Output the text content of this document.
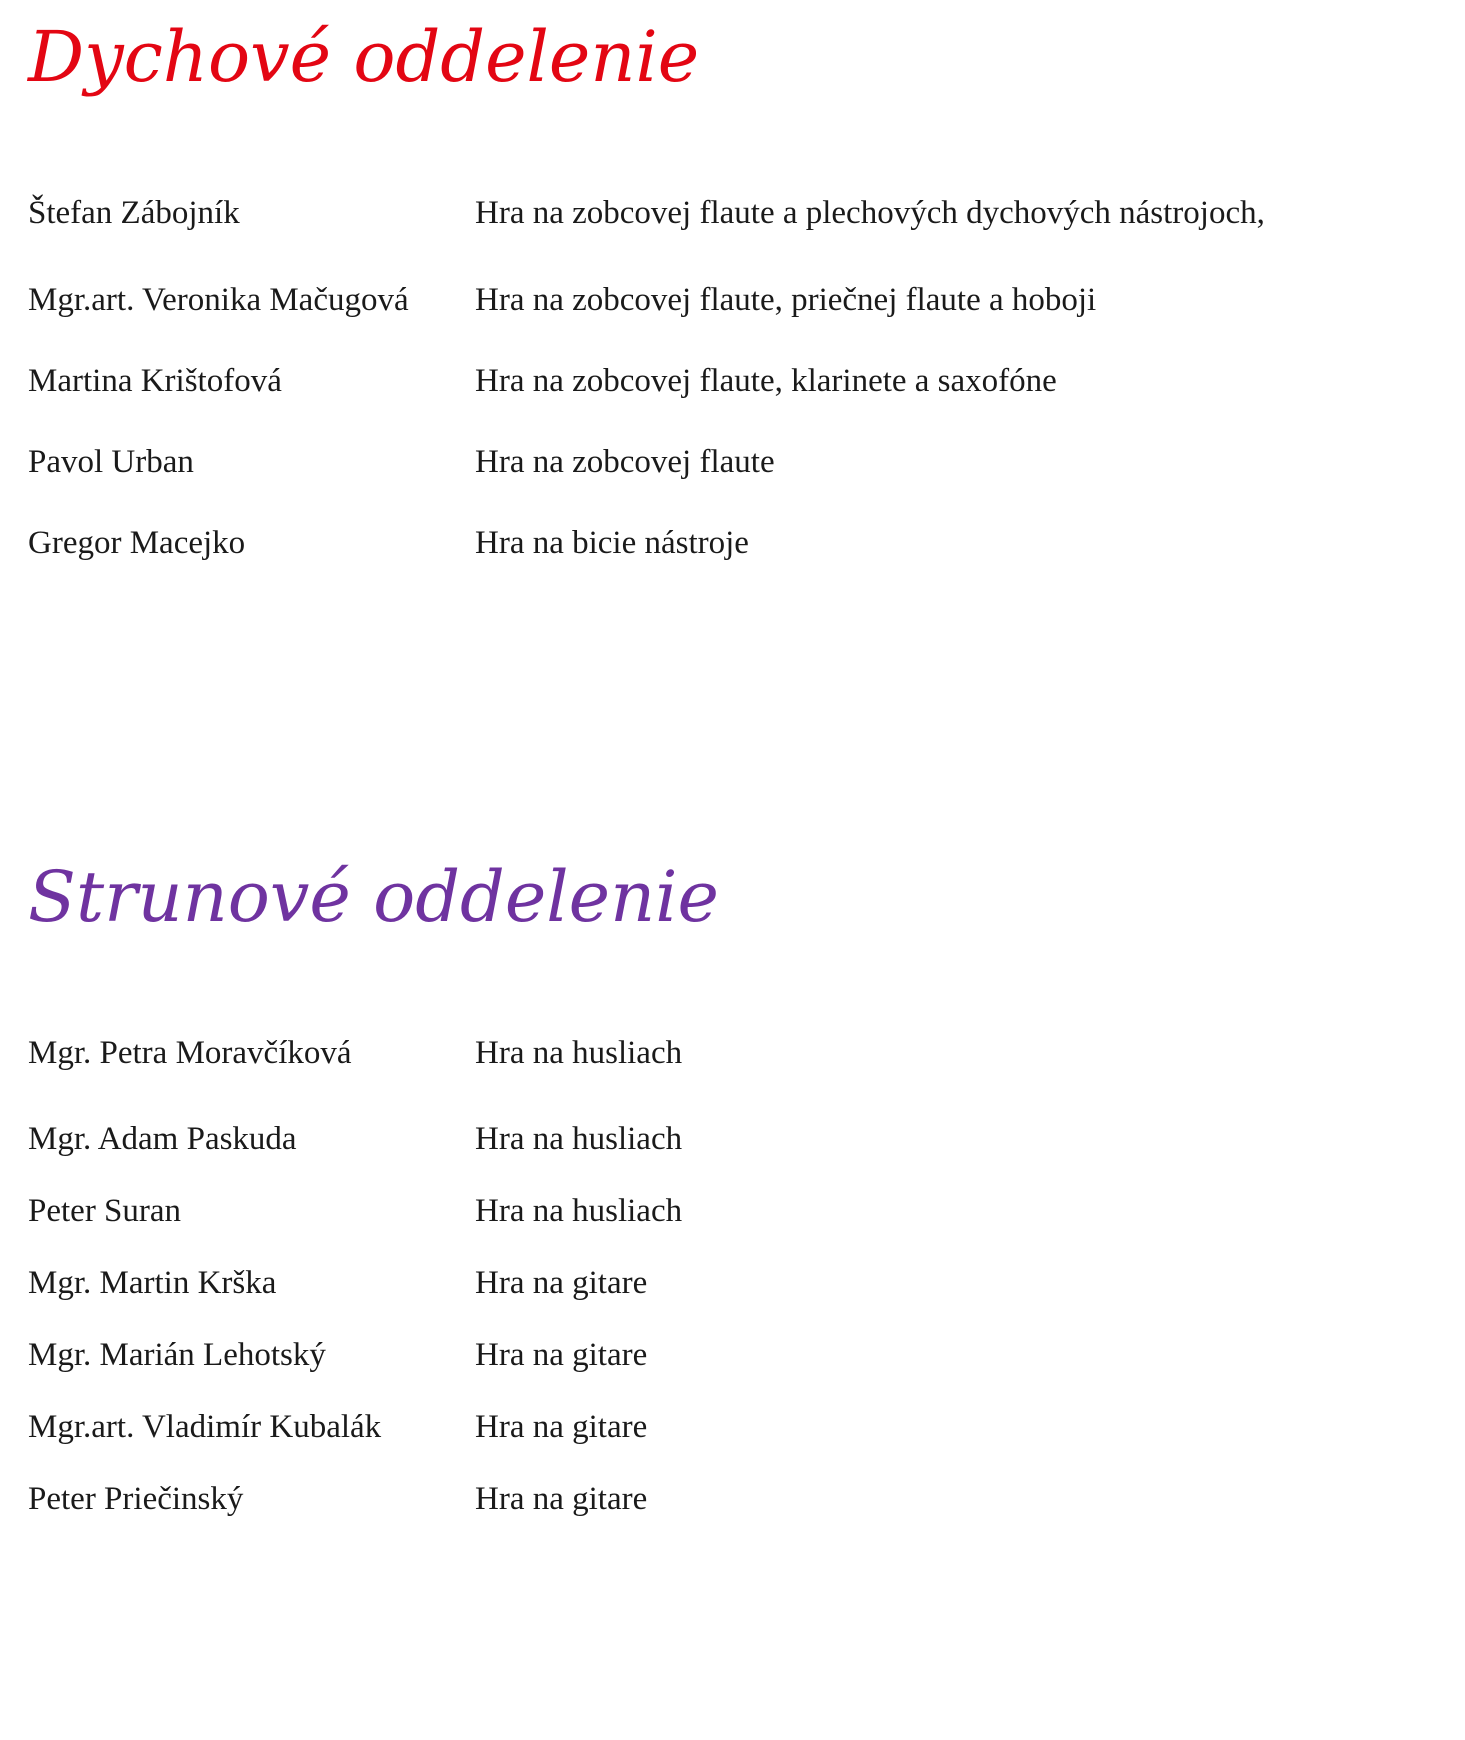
Dychové oddelenie
Štefan Zábojník	Hra na zobcovej flaute a plechových dychových nástrojoch,
Mgr.art. Veronika Mačugová Hra na zobcovej flaute, priečnej flaute a hoboji
Martina Krištofová	Hra na zobcovej flaute, klarinete a saxofóne
Pavol Urban	Hra na zobcovej flaute
Gregor Macejko	Hra na bicie nástroje
Strunové oddelenie
Mgr. Petra Moravčíková	Hra na husliach
Mgr. Adam Paskuda	Hra na husliach
Peter Suran	Hra na husliach
Mgr. Martin Krška	Hra na gitare
Mgr. Marián Lehotský	Hra na gitare
Mgr.art. Vladimír Kubalák	Hra na gitare
Peter Priečinský	Hra na gitare
